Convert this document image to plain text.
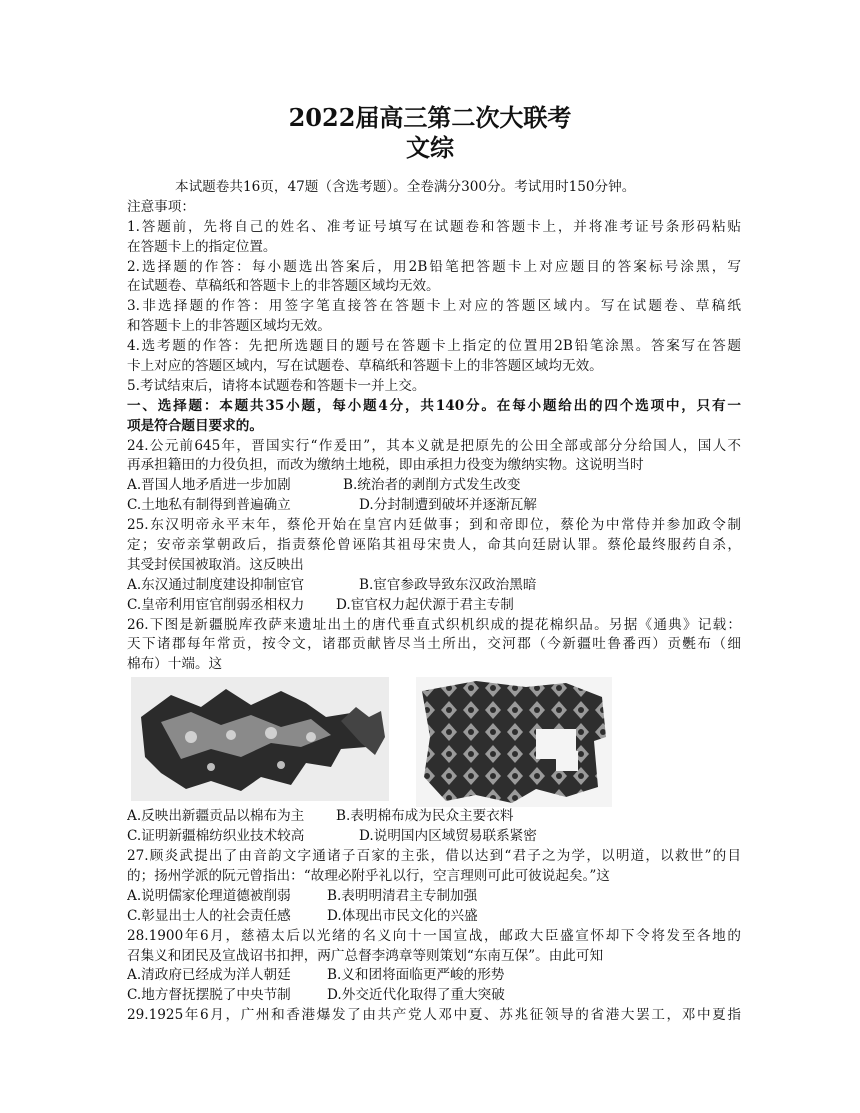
2022届高三第二次大联考
文综
本试题卷共16页，47题（含选考题）。全卷满分300分。考试用时150分钟。
注意事项：
1.答题前，先将自己的姓名、准考证号填写在试题卷和答题卡上，并将准考证号条形码粘贴
在答题卡上的指定位置。
2.选择题的作答：每小题选出答案后，用2B铅笔把答题卡上对应题目的答案标号涂黑，写
在试题卷、草稿纸和答题卡上的非答题区域均无效。
3.非选择题的作答：用签字笔直接答在答题卡上对应的答题区域内。写在试题卷、草稿纸
和答题卡上的非答题区域均无效。
4.选考题的作答：先把所选题目的题号在答题卡上指定的位置用2B铅笔涂黑。答案写在答题
卡上对应的答题区域内，写在试题卷、草稿纸和答题卡上的非答题区域均无效。
5.考试结束后，请将本试题卷和答题卡一并上交。
一、选择题：本题共35小题，每小题4分，共140分。在每小题给出的四个选项中，只有一
项是符合题目要求的。
24.公元前645年，晋国实行“作爰田”，其本义就是把原先的公田全部或部分分给国人，国人不
再承担籍田的力役负担，而改为缴纳土地税，即由承担力役变为缴纳实物。这说明当时
A.晋国人地矛盾进一步加剧	B.统治者的剥削方式发生改变
C.土地私有制得到普遍确立	D.分封制遭到破坏并逐渐瓦解
25.东汉明帝永平末年，蔡伦开始在皇宫内廷做事；到和帝即位，蔡伦为中常侍并参加政令制
定；安帝亲掌朝政后，指责蔡伦曾诬陷其祖母宋贵人，命其向廷尉认罪。蔡伦最终服药自杀，
其受封侯国被取消。这反映出
A.东汉通过制度建设抑制宦官	B.宦官参政导致东汉政治黑暗
C.皇帝利用宦官削弱丞相权力	D.宦官权力起伏源于君主专制
26.下图是新疆脱库孜萨来遗址出土的唐代垂直式织机织成的提花棉织品。另据《通典》记载：
天下诸郡每年常贡，按令文，诸郡贡献皆尽当土所出，交河郡（今新疆吐鲁番西）贡氎布（细
棉布）十端。这
A.反映出新疆贡品以棉布为主	B.表明棉布成为民众主要衣料
C.证明新疆棉纺织业技术较高	D.说明国内区域贸易联系紧密
27.顾炎武提出了由音韵文字通诸子百家的主张，借以达到“君子之为学，以明道，以救世”的目
的；扬州学派的阮元曾指出：“故理必附乎礼以行，空言理则可此可彼说起矣。”这
A.说明儒家伦理道德被削弱	B.表明明清君主专制加强
C.彰显出士人的社会责任感	D.体现出市民文化的兴盛
28.1900年6月，慈禧太后以光绪的名义向十一国宣战，邮政大臣盛宣怀却下令将发至各地的
召集义和团民及宣战诏书扣押，两广总督李鸿章等则策划“东南互保”。由此可知
A.清政府已经成为洋人朝廷	B.义和团将面临更严峻的形势
C.地方督抚摆脱了中央节制	D.外交近代化取得了重大突破
29.1925年6月，广州和香港爆发了由共产党人邓中夏、苏兆征领导的省港大罢工，邓中夏指
